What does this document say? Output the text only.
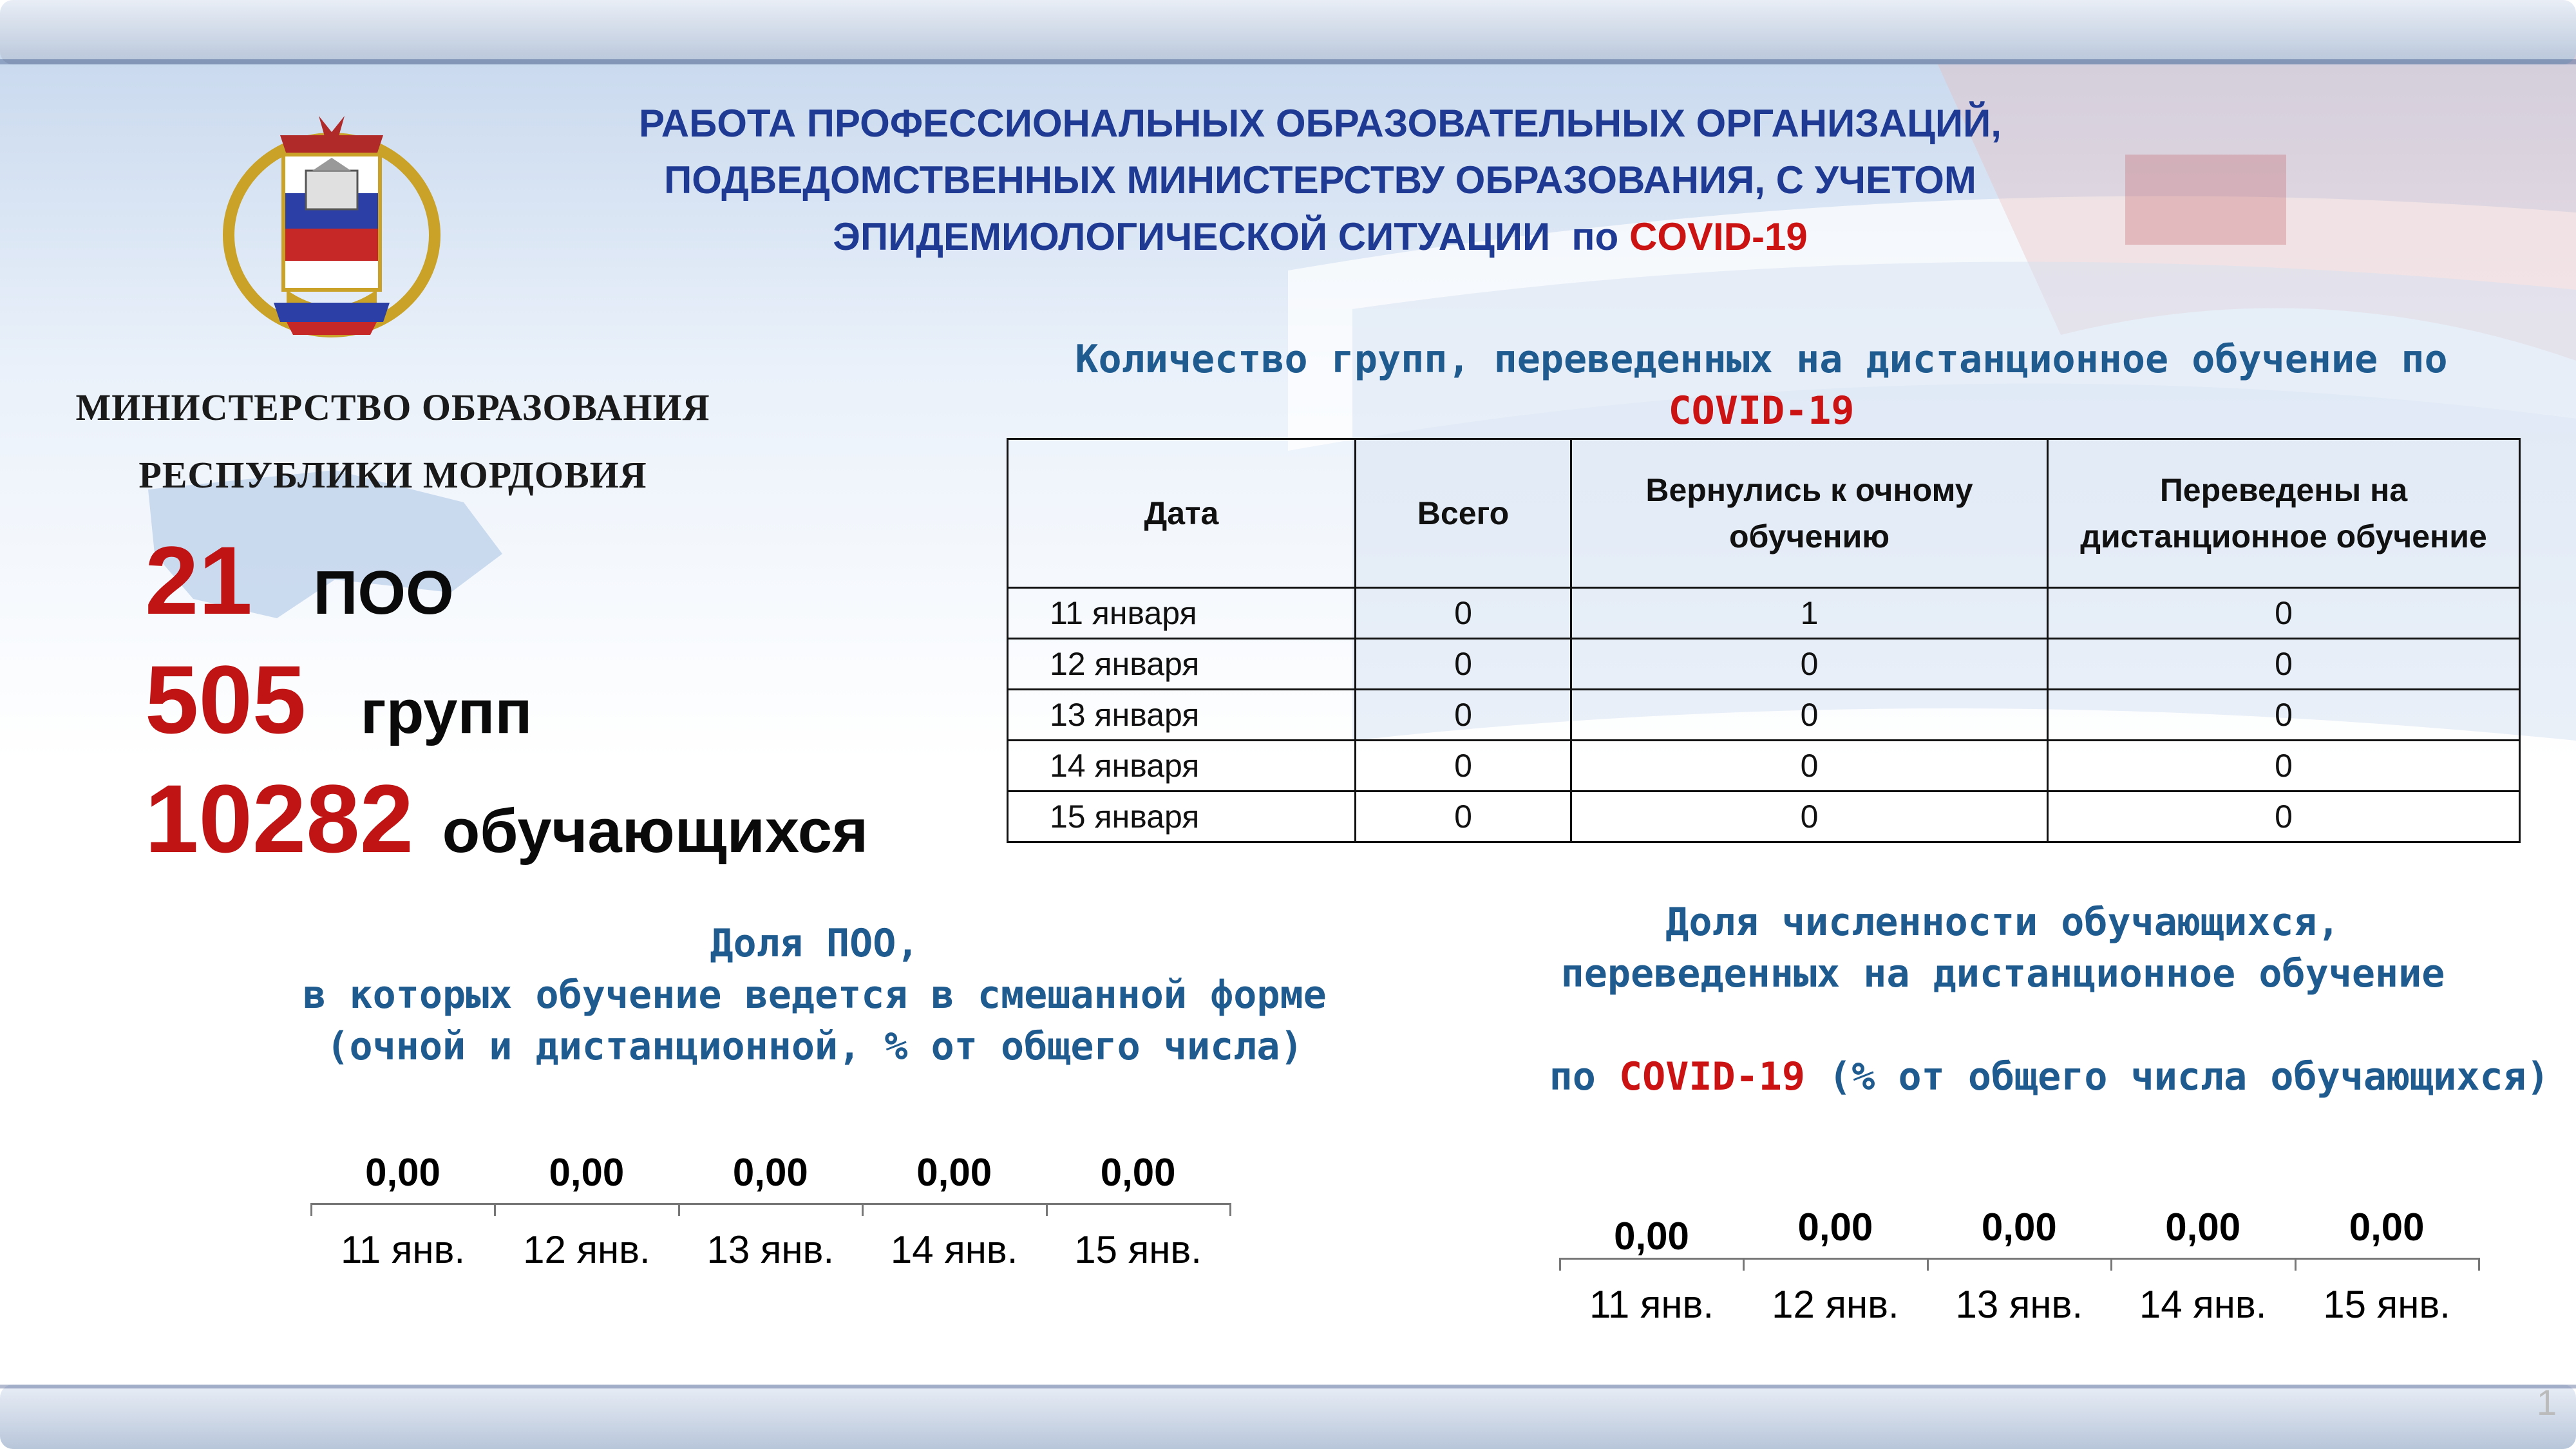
РАБОТА ПРОФЕССИОНАЛЬНЫХ ОБРАЗОВАТЕЛЬНЫХ ОРГАНИЗАЦИЙ,
ПОДВЕДОМСТВЕННЫХ МИНИСТЕРСТВУ ОБРАЗОВАНИЯ, С УЧЕТОМ
ЭПИДЕМИОЛОГИЧЕСКОЙ СИТУАЦИИ  по COVID-19
МИНИСТЕРСТВО ОБРАЗОВАНИЯ
РЕСПУБЛИКИ МОРДОВИЯ
21 ПОО
505 групп
10282 обучающихся
Количество групп, переведенных на дистанционное обучение по
COVID-19
Дата	Всего	Вернулись к очному обучению	Переведены на дистанционное обучение
11 января	0	1	0
12 января	0	0	0
13 января	0	0	0
14 января	0	0	0
15 января	0	0	0
Доля ПОО,
в которых обучение ведется в смешанной форме
(очной и дистанционной, % от общего числа)
0,00
11 янв.
0,00
12 янв.
0,00
13 янв.
0,00
14 янв.
0,00
15 янв.
Доля численности обучающихся,
переведенных на дистанционное обучение

по COVID-19 (% от общего числа обучающихся)

0,00
11 янв.
0,00
12 янв.
0,00
13 янв.
0,00
14 янв.
0,00
15 янв.
1
